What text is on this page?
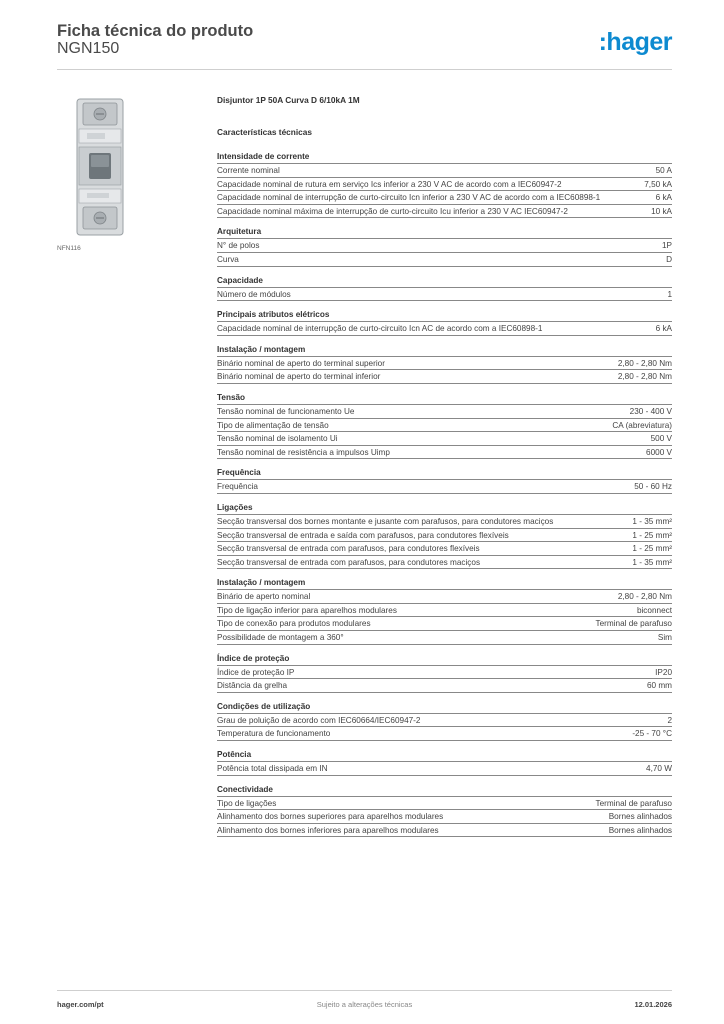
Ficha técnica do produto
NGN150	:hager
NFN116
Disjuntor 1P 50A Curva D 6/10kA 1M
Características técnicas
Intensidade de corrente
Corrente nominal	50 A
Capacidade nominal de rutura em serviço Ics inferior a 230 V AC de acordo com a IEC60947-2	7,50 kA
Capacidade nominal de interrupção de curto-circuito Icn inferior a 230 V AC de acordo com a IEC60898-1	6 kA
Capacidade nominal máxima de interrupção de curto-circuito Icu inferior a 230 V AC IEC60947-2	10 kA
Arquitetura
N° de polos	1P
Curva	D
Capacidade
Número de módulos	1
Principais atributos elétricos
Capacidade nominal de interrupção de curto-circuito Icn AC de acordo com a IEC60898-1	6 kA
Instalação / montagem
Binário nominal de aperto do terminal superior	2,80 - 2,80 Nm
Binário nominal de aperto do terminal inferior	2,80 - 2,80 Nm
Tensão
Tensão nominal de funcionamento Ue	230 - 400 V
Tipo de alimentação de tensão	CA (abreviatura)
Tensão nominal de isolamento Ui	500 V
Tensão nominal de resistência a impulsos Uimp	6000 V
Frequência
Frequência	50 - 60 Hz
Ligações
Secção transversal dos bornes montante e jusante com parafusos, para condutores maciços	1 - 35 mm²
Secção transversal de entrada e saída com parafusos, para condutores flexíveis	1 - 25 mm²
Secção transversal de entrada com parafusos, para condutores flexíveis	1 - 25 mm²
Secção transversal de entrada com parafusos, para condutores maciços	1 - 35 mm²
Instalação / montagem
Binário de aperto nominal	2,80 - 2,80 Nm
Tipo de ligação inferior para aparelhos modulares	biconnect
Tipo de conexão para produtos modulares	Terminal de parafuso
Possibilidade de montagem a 360°	Sim
Índice de proteção
Índice de proteção IP	IP20
Distância da grelha	60 mm
Condições de utilização
Grau de poluição de acordo com IEC60664/IEC60947-2	2
Temperatura de funcionamento	-25 - 70 °C
Potência
Potência total dissipada em IN	4,70 W
Conectividade
Tipo de ligações	Terminal de parafuso
Alinhamento dos bornes superiores para aparelhos modulares	Bornes alinhados
Alinhamento dos bornes inferiores para aparelhos modulares	Bornes alinhados
hager.com/pt	Sujeito a alterações técnicas	12.01.2026
